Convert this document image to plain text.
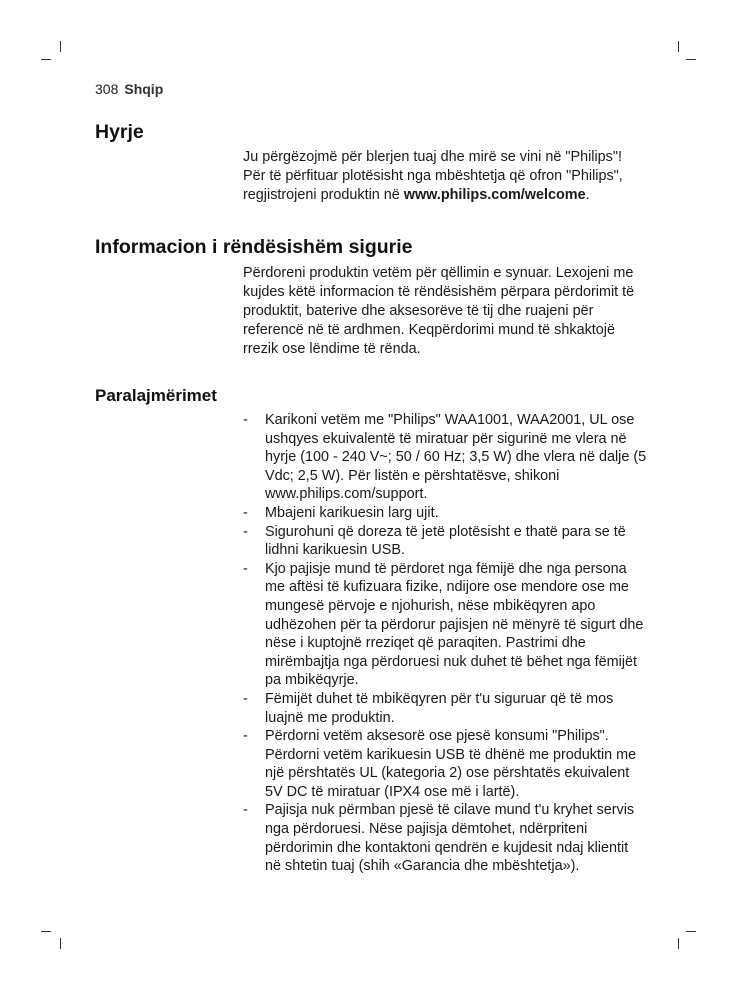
308 Shqip
Hyrje

Ju përgëzojmë për blerjen tuaj dhe mirë se vini në "Philips"! Për të përfituar plotësisht nga mbështetja që ofron "Philips", regjistrojeni produktin në www.philips.com/welcome.

Informacion i rëndësishëm sigurie

Përdoreni produktin vetëm për qëllimin e synuar. Lexojeni me kujdes këtë informacion të rëndësishëm përpara përdorimit të produktit, baterive dhe aksesorëve të tij dhe ruajeni për referencë në të ardhmen. Keqpërdorimi mund të shkaktojë rrezik ose lëndime të rënda.

Paralajmërimet
- Karikoni vetëm me "Philips" WAA1001, WAA2001, UL ose ushqyes ekuivalentë të miratuar për sigurinë me vlera në hyrje (100 - 240 V~; 50 / 60 Hz; 3,5 W) dhe vlera në dalje (5 Vdc; 2,5 W). Për listën e përshtatësve, shikoni www.philips.com/support.
- Mbajeni karikuesin larg ujit.
- Sigurohuni që doreza të jetë plotësisht e thatë para se të lidhni karikuesin USB.
- Kjo pajisje mund të përdoret nga fëmijë dhe nga persona me aftësi të kufizuara fizike, ndijore ose mendore ose me mungesë përvoje e njohurish, nëse mbikëqyren apo udhëzohen për ta përdorur pajisjen në mënyrë të sigurt dhe nëse i kuptojnë rreziqet që paraqiten. Pastrimi dhe mirëmbajtja nga përdoruesi nuk duhet të bëhet nga fëmijët pa mbikëqyrje.
- Fëmijët duhet të mbikëqyren për t'u siguruar që të mos luajnë me produktin.
- Përdorni vetëm aksesorë ose pjesë konsumi "Philips". Përdorni vetëm karikuesin USB të dhënë me produktin me një përshtatës UL (kategoria 2) ose përshtatës ekuivalent 5V DC të miratuar (IPX4 ose më i lartë).
- Pajisja nuk përmban pjesë të cilave mund t'u kryhet servis nga përdoruesi. Nëse pajisja dëmtohet, ndërpriteni përdorimin dhe kontaktoni qendrën e kujdesit ndaj klientit në shtetin tuaj (shih «Garancia dhe mbështetja»).
